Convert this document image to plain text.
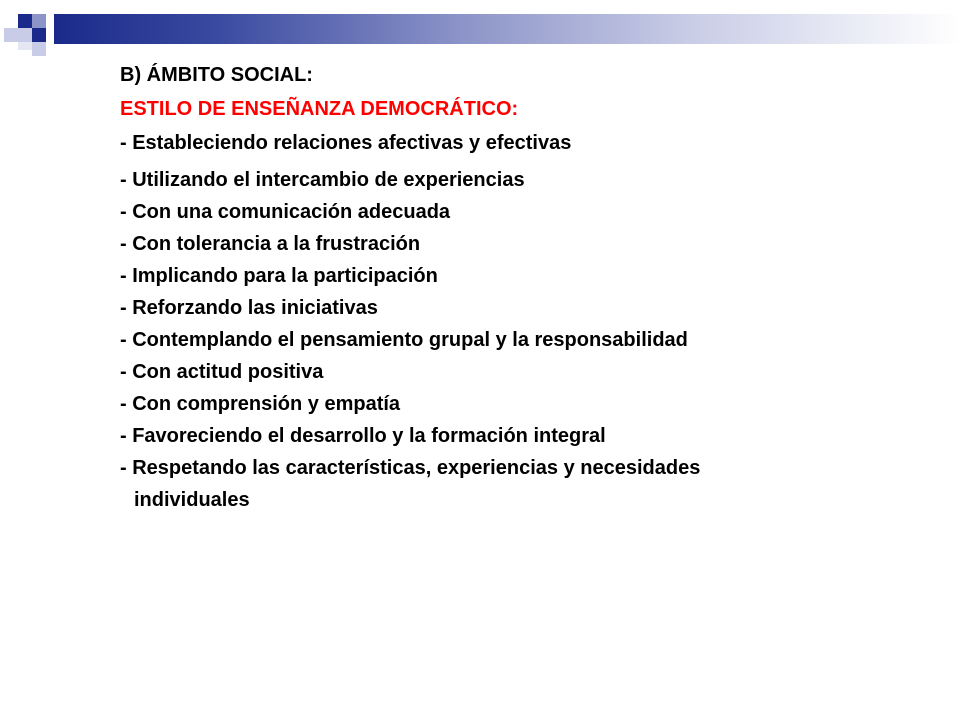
B) ÁMBITO SOCIAL:
ESTILO DE ENSEÑANZA DEMOCRÁTICO:
- Estableciendo relaciones afectivas y efectivas
- Utilizando el intercambio de experiencias
- Con una comunicación adecuada
- Con tolerancia a la frustración
- Implicando para la participación
- Reforzando las iniciativas
- Contemplando el pensamiento grupal y la responsabilidad
- Con actitud positiva
- Con comprensión y empatía
- Favoreciendo el desarrollo y la formación integral
- Respetando las características, experiencias y necesidades
individuales
